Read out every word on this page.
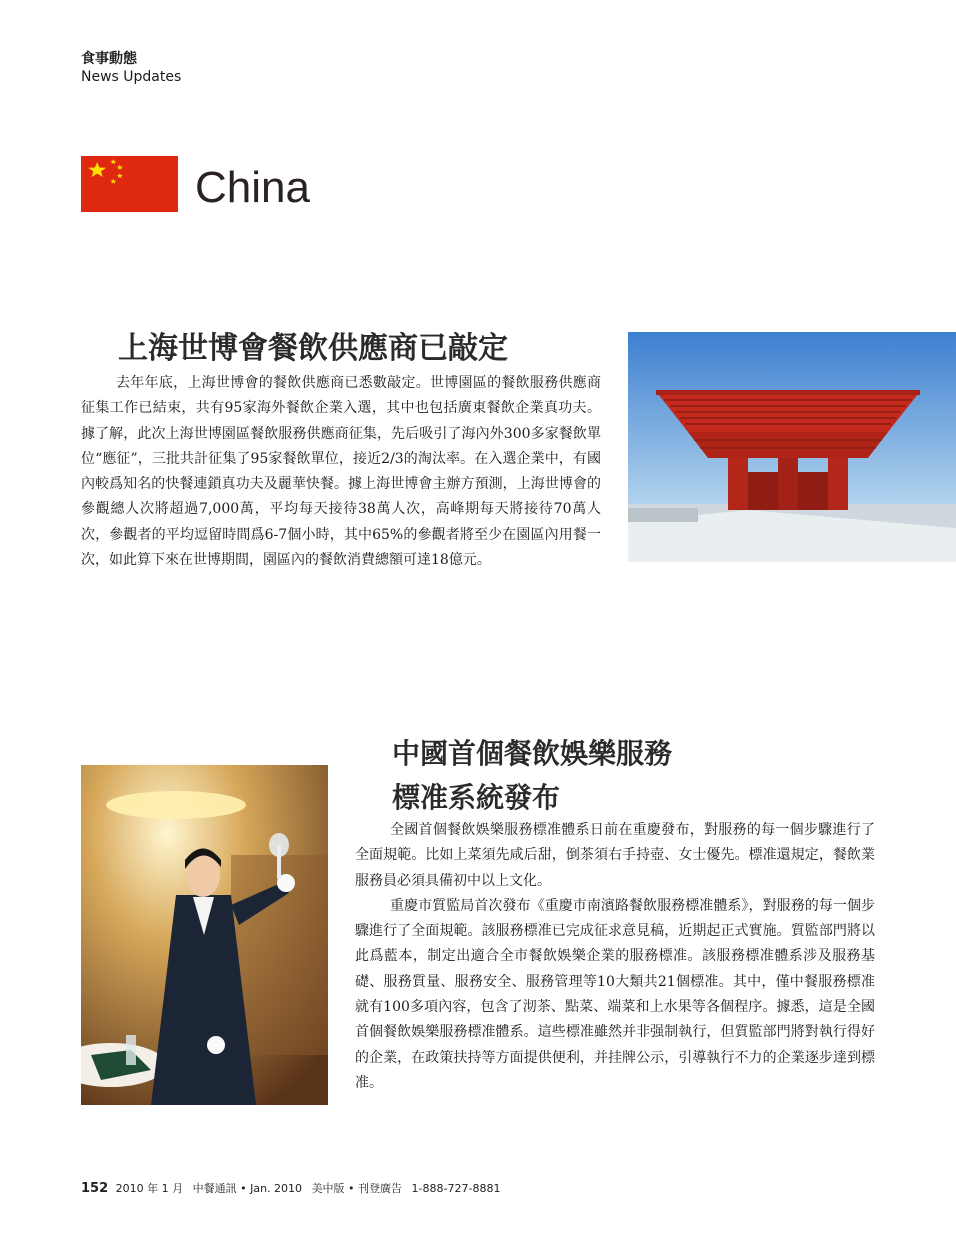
食事動態
News Updates
China
上海世博會餐飲供應商已敲定

去年年底，上海世博會的餐飲供應商已悉數敲定。世博園區的餐飲服務供應商征集工作已結束，共有95家海外餐飲企業入選，其中也包括廣東餐飲企業真功夫。據了解，此次上海世博園區餐飲服務供應商征集，先后吸引了海內外300多家餐飲單位“應征”，三批共計征集了95家餐飲單位，接近2/3的淘汰率。在入選企業中，有國內較爲知名的快餐連鎖真功夫及麗華快餐。據上海世博會主辦方預測，上海世博會的參觀總人次將超過7,000萬，平均每天接待38萬人次，高峰期每天將接待70萬人次，參觀者的平均逗留時間爲6-7個小時，其中65%的參觀者將至少在園區內用餐一次，如此算下來在世博期間，園區內的餐飲消費總額可達18億元。

中國首個餐飲娛樂服務
標准系統發布

全國首個餐飲娛樂服務標准體系日前在重慶發布，對服務的每一個步驟進行了全面規範。比如上菜須先咸后甜，倒茶須右手持壺、女士優先。標准還規定，餐飲業服務員必須具備初中以上文化。

重慶市質監局首次發布《重慶市南濱路餐飲服務標准體系》，對服務的每一個步驟進行了全面規範。該服務標准已完成征求意見稿，近期起正式實施。質監部門將以此爲藍本，制定出適合全市餐飲娛樂企業的服務標准。該服務標准體系涉及服務基礎、服務質量、服務安全、服務管理等10大類共21個標准。其中，僅中餐服務標准就有100多項內容，包含了沏茶、點菜、端菜和上水果等各個程序。據悉，這是全國首個餐飲娛樂服務標准體系。這些標准雖然并非强制執行，但質監部門將對執行得好的企業，在政策扶持等方面提供便利，并挂牌公示，引導執行不力的企業逐步達到標准。

152 2010 年 1 月 中餐通訊 • Jan. 2010 美中版 • 刊登廣告 1-888-727-8881
